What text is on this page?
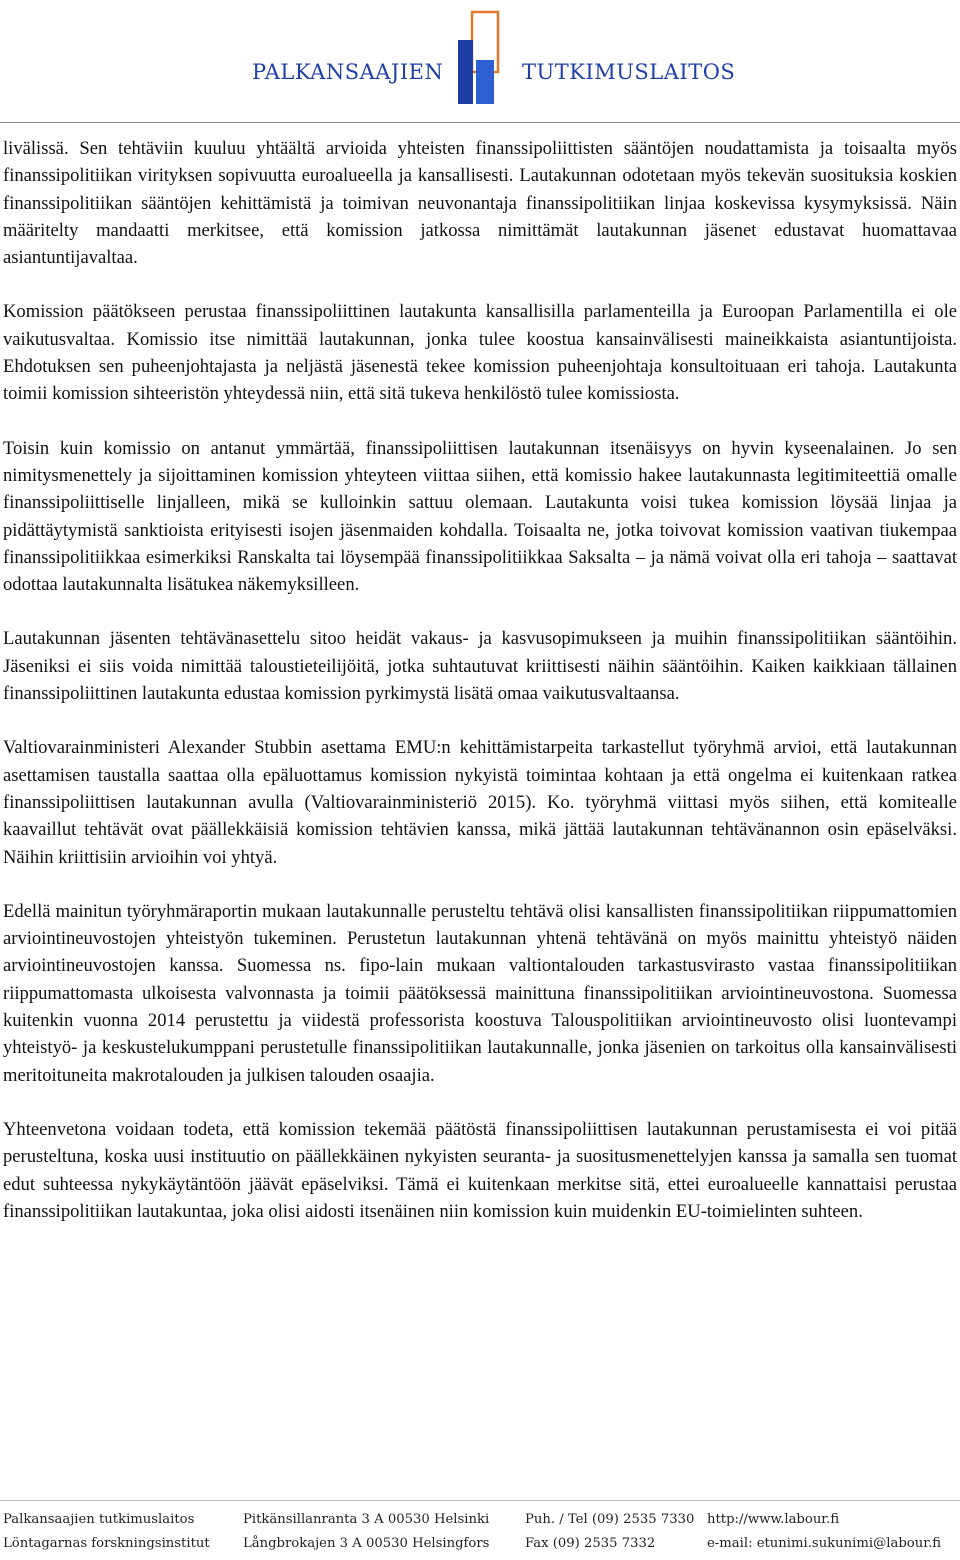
PALKANSAAJIEN	TUTKIMUSLAITOS

livälissä. Sen tehtäviin kuuluu yhtäältä arvioida yhteisten finanssipoliittisten sääntöjen noudattamista ja toisaalta myös finanssipolitiikan virityksen sopivuutta euroalueella ja kansallisesti. Lautakunnan odotetaan myös tekevän suosituksia koskien finanssipolitiikan sääntöjen kehittämistä ja toimivan neuvonantaja finanssipolitiikan linjaa koskevissa kysymyksissä. Näin määritelty mandaatti merkitsee, että komission jatkossa nimittämät lautakunnan jäsenet edustavat huomattavaa asiantuntijavaltaa.

Komission päätökseen perustaa finanssipoliittinen lautakunta kansallisilla parlamenteilla ja Euroopan Parlamentilla ei ole vaikutusvaltaa. Komissio itse nimittää lautakunnan, jonka tulee koostua kansainvälisesti maineikkaista asiantuntijoista. Ehdotuksen sen puheenjohtajasta ja neljästä jäsenestä tekee komission puheenjohtaja konsultoituaan eri tahoja. Lautakunta toimii komission sihteeristön yhteydessä niin, että sitä tukeva henkilöstö tulee komissiosta.

Toisin kuin komissio on antanut ymmärtää, finanssipoliittisen lautakunnan itsenäisyys on hyvin kyseenalainen. Jo sen nimitysmenettely ja sijoittaminen komission yhteyteen viittaa siihen, että komissio hakee lautakunnasta legitimiteettiä omalle finanssipoliittiselle linjalleen, mikä se kulloinkin sattuu olemaan. Lautakunta voisi tukea komission löysää linjaa ja pidättäytymistä sanktioista erityisesti isojen jäsenmaiden kohdalla. Toisaalta ne, jotka toivovat komission vaativan tiukempaa finanssipolitiikkaa esimerkiksi Ranskalta tai löysempää finanssipolitiikkaa Saksalta – ja nämä voivat olla eri tahoja – saattavat odottaa lautakunnalta lisätukea näkemyksilleen.

Lautakunnan jäsenten tehtävänasettelu sitoo heidät vakaus- ja kasvusopimukseen ja muihin finanssipolitiikan sääntöihin. Jäseniksi ei siis voida nimittää taloustieteilijöitä, jotka suhtautuvat kriittisesti näihin sääntöihin. Kaiken kaikkiaan tällainen finanssipoliittinen lautakunta edustaa komission pyrkimystä lisätä omaa vaikutusvaltaansa.

Valtiovarainministeri Alexander Stubbin asettama EMU:n kehittämistarpeita tarkastellut työryhmä arvioi, että lautakunnan asettamisen taustalla saattaa olla epäluottamus komission nykyistä toimintaa kohtaan ja että ongelma ei kuitenkaan ratkea finanssipoliittisen lautakunnan avulla (Valtiovarainministeriö 2015). Ko. työryhmä viittasi myös siihen, että komitealle kaavaillut tehtävät ovat päällekkäisiä komission tehtävien kanssa, mikä jättää lautakunnan tehtävänannon osin epäselväksi. Näihin kriittisiin arvioihin voi yhtyä.

Edellä mainitun työryhmäraportin mukaan lautakunnalle perusteltu tehtävä olisi kansallisten finanssipolitiikan riippumattomien arviointineuvostojen yhteistyön tukeminen. Perustetun lautakunnan yhtenä tehtävänä on myös mainittu yhteistyö näiden arviointineuvostojen kanssa. Suomessa ns. fipo-lain mukaan valtiontalouden tarkastusvirasto vastaa finanssipolitiikan riippumattomasta ulkoisesta valvonnasta ja toimii päätöksessä mainittuna finanssipolitiikan arviointineuvostona. Suomessa kuitenkin vuonna 2014 perustettu ja viidestä professorista koostuva Talouspolitiikan arviointineuvosto olisi luontevampi yhteistyö- ja keskustelukumppani perustetulle finanssipolitiikan lautakunnalle, jonka jäsenien on tarkoitus olla kansainvälisesti meritoituneita makrotalouden ja julkisen talouden osaajia.

Yhteenvetona voidaan todeta, että komission tekemää päätöstä finanssipoliittisen lautakunnan perustamisesta ei voi pitää perusteltuna, koska uusi instituutio on päällekkäinen nykyisten seuranta- ja suositusmenettelyjen kanssa ja samalla sen tuomat edut suhteessa nykykäytäntöön jäävät epäselviksi. Tämä ei kuitenkaan merkitse sitä, ettei euroalueelle kannattaisi perustaa finanssipolitiikan lautakuntaa, joka olisi aidosti itsenäinen niin komission kuin muidenkin EU-toimielinten suhteen.

Palkansaajien tutkimuslaitos	Pitkänsillanranta 3 A 00530 Helsinki	Puh. / Tel (09) 2535 7330 http://www.labour.fi
Löntagarnas forskningsinstitut	Långbrokajen 3 A 00530 Helsingfors	Fax (09) 2535 7332	e-mail: etunimi.sukunimi@labour.fi
